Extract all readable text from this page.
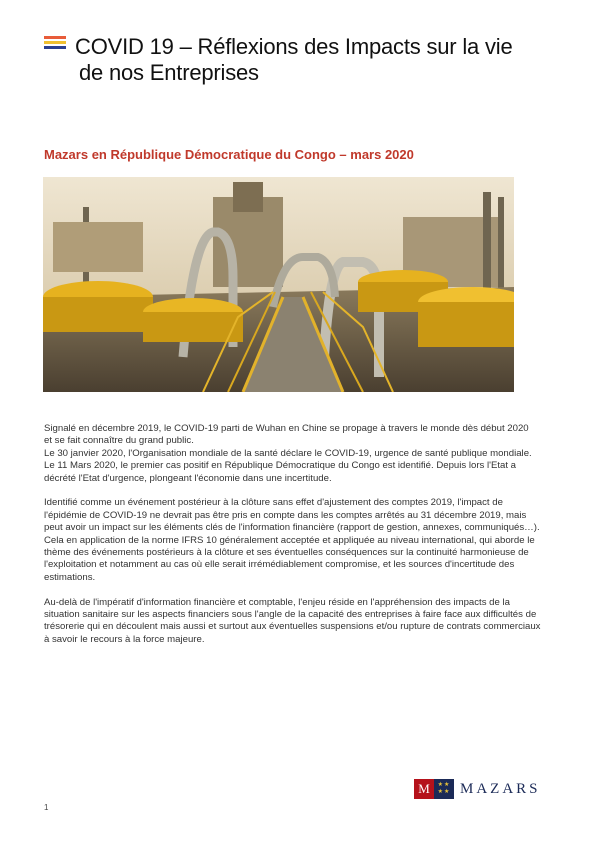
COVID 19 – Réflexions des Impacts sur la vie
de nos Entreprises
Mazars en République Démocratique du Congo – mars 2020

Signalé en décembre 2019, le COVID-19 parti de Wuhan en Chine se propage à travers le monde dès début 2020
et se fait connaître du grand public.
Le 30 janvier 2020, l'Organisation mondiale de la santé déclare le COVID-19, urgence de santé publique mondiale.
Le 11 Mars 2020, le premier cas positif en République Démocratique du Congo est identifié. Depuis lors l'Etat a
décrété l'Etat d'urgence, plongeant l'économie dans une incertitude.

Identifié comme un événement postérieur à la clôture sans effet d'ajustement des comptes 2019, l'impact de
l'épidémie de COVID-19 ne devrait pas être pris en compte dans les comptes arrêtés au 31 décembre 2019, mais
peut avoir un impact sur les éléments clés de l'information financière (rapport de gestion, annexes, communiqués…).
Cela en application de la norme IFRS 10 généralement acceptée et appliquée au niveau international, qui aborde le
thème des événements postérieurs à la clôture et ses éventuelles conséquences sur la continuité harmonieuse de
l'exploitation et notamment au cas où elle serait irrémédiablement compromise, et les sources d'incertitude des
estimations.

Au-delà de l'impératif d'information financière et comptable, l'enjeu réside en l'appréhension des impacts de la
situation sanitaire sur les aspects financiers sous l'angle de la capacité des entreprises à faire face aux difficultés de
trésorerie qui en découlent mais aussi et surtout aux éventuelles suspensions et/ou rupture de contrats commerciaux
à savoir le recours à la force majeure.

M	★★
★★ MAZARS
1
